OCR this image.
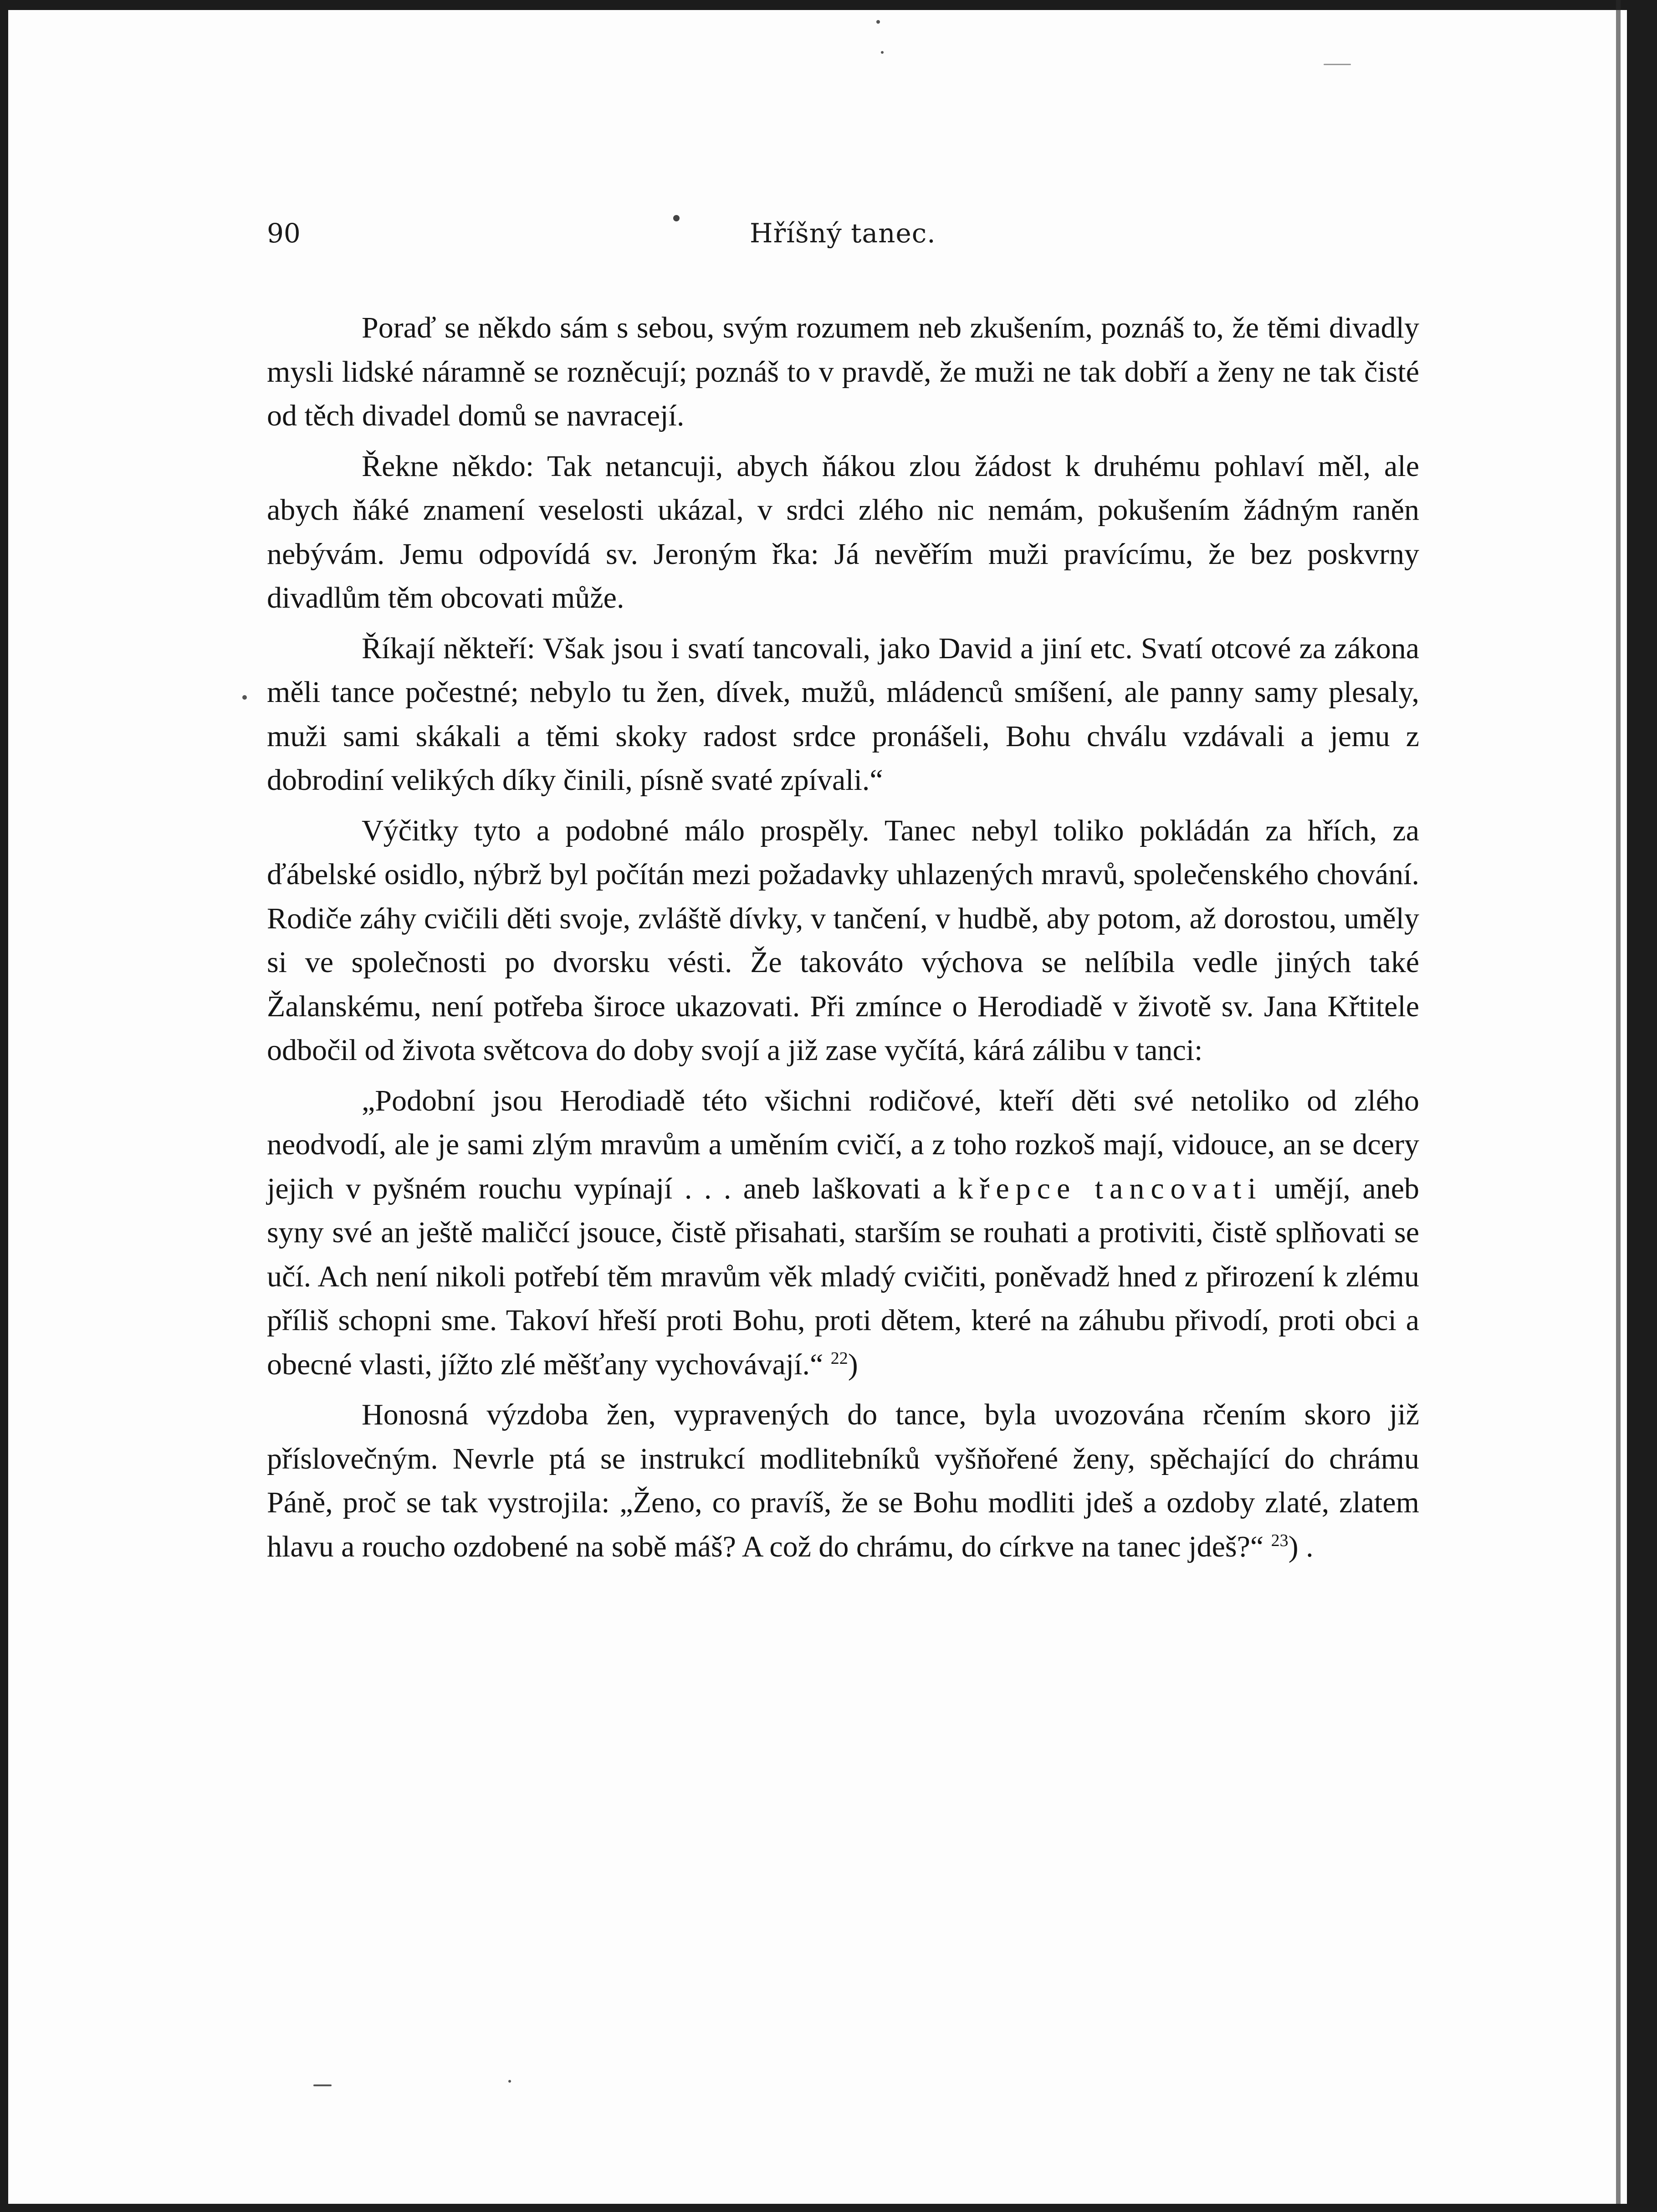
90	Hříšný tanec.

Poraď se někdo sám s sebou, svým rozumem neb zkušením, poznáš to, že těmi divadly mysli lidské náramně se rozněcují; poznáš to v pravdě, že muži ne tak dobří a ženy ne tak čisté od těch divadel domů se navracejí.

Řekne někdo: Tak netancuji, abych ňákou zlou žádost k druhému pohlaví měl, ale abych ňáké znamení veselosti ukázal, v srdci zlého nic nemám, pokušením žádným raněn nebývám. Jemu odpovídá sv. Jeroným řka: Já nevěřím muži pravícímu, že bez poskvrny divadlům těm obcovati může.

Říkají někteří: Však jsou i svatí tancovali, jako David a jiní etc. Svatí otcové za zákona měli tance počestné; nebylo tu žen, dívek, mužů, mládenců smíšení, ale panny samy plesaly, muži sami skákali a těmi skoky radost srdce pronášeli, Bohu chválu vzdávali a jemu z dobrodiní velikých díky činili, písně svaté zpívali.“

Výčitky tyto a podobné málo prospěly. Tanec nebyl toliko pokládán za hřích, za ďábelské osidlo, nýbrž byl počítán mezi požadavky uhlazených mravů, společenského chování. Rodiče záhy cvičili děti svoje, zvláště dívky, v tančení, v hudbě, aby potom, až dorostou, uměly si ve společnosti po dvorsku vésti. Že takováto výchova se nelíbila vedle jiných také Žalanskému, není potřeba široce ukazovati. Při zmínce o Herodiadě v životě sv. Jana Křtitele odbočil od života světcova do doby svojí a již zase vyčítá, kárá zálibu v tanci:

„Podobní jsou Herodiadě této všichni rodičové, kteří děti své netoliko od zlého neodvodí, ale je sami zlým mravům a uměním cvičí, a z toho rozkoš mají, vidouce, an se dcery jejich v pyšném rouchu vypínají . . . aneb laškovati a křepce tancovati umějí, aneb syny své an ještě maličcí jsouce, čistě přisahati, starším se rouhati a protiviti, čistě splňovati se učí. Ach není nikoli potřebí těm mravům věk mladý cvičiti, poněvadž hned z přirození k zlému příliš schopni sme. Takoví hřeší proti Bohu, proti dětem, které na záhubu přivodí, proti obci a obecné vlasti, jížto zlé měšťany vychovávají.“ $^{22}$)

Honosná výzdoba žen, vypravených do tance, byla uvozována rčením skoro již příslovečným. Nevrle ptá se instrukcí modlitebníků vyšňořené ženy, spěchající do chrámu Páně, proč se tak vystrojila: „Ženo, co pravíš, že se Bohu modliti jdeš a ozdoby zlaté, zlatem hlavu a roucho ozdobené na sobě máš? A což do chrámu, do církve na tanec jdeš?“ $^{23}$) .
